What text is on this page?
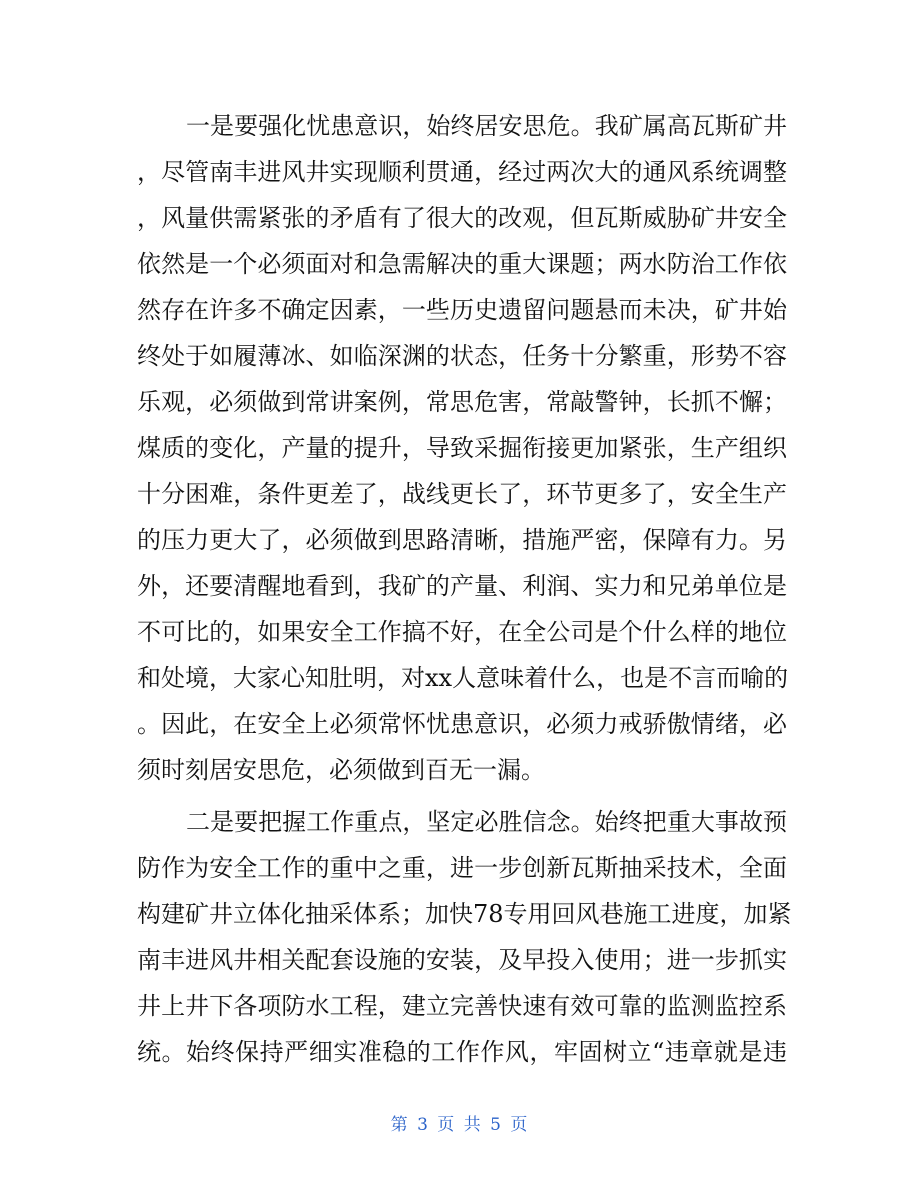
一是要强化忧患意识，始终居安思危。我矿属高瓦斯矿井
，尽管南丰进风井实现顺利贯通，经过两次大的通风系统调整
，风量供需紧张的矛盾有了很大的改观，但瓦斯威胁矿井安全
依然是一个必须面对和急需解决的重大课题；两水防治工作依
然存在许多不确定因素，一些历史遗留问题悬而未决，矿井始
终处于如履薄冰、如临深渊的状态，任务十分繁重，形势不容
乐观，必须做到常讲案例，常思危害，常敲警钟，长抓不懈；
煤质的变化，产量的提升，导致采掘衔接更加紧张，生产组织
十分困难，条件更差了，战线更长了，环节更多了，安全生产
的压力更大了，必须做到思路清晰，措施严密，保障有力。另
外，还要清醒地看到，我矿的产量、利润、实力和兄弟单位是
不可比的，如果安全工作搞不好，在全公司是个什么样的地位
和处境，大家心知肚明，对xx人意味着什么，也是不言而喻的
。因此，在安全上必须常怀忧患意识，必须力戒骄傲情绪，必
须时刻居安思危，必须做到百无一漏。
二是要把握工作重点，坚定必胜信念。始终把重大事故预
防作为安全工作的重中之重，进一步创新瓦斯抽采技术，全面
构建矿井立体化抽采体系；加快78专用回风巷施工进度，加紧
南丰进风井相关配套设施的安装，及早投入使用；进一步抓实
井上井下各项防水工程，建立完善快速有效可靠的监测监控系
统。始终保持严细实准稳的工作作风，牢固树立“违章就是违
第 3 页 共 5 页
